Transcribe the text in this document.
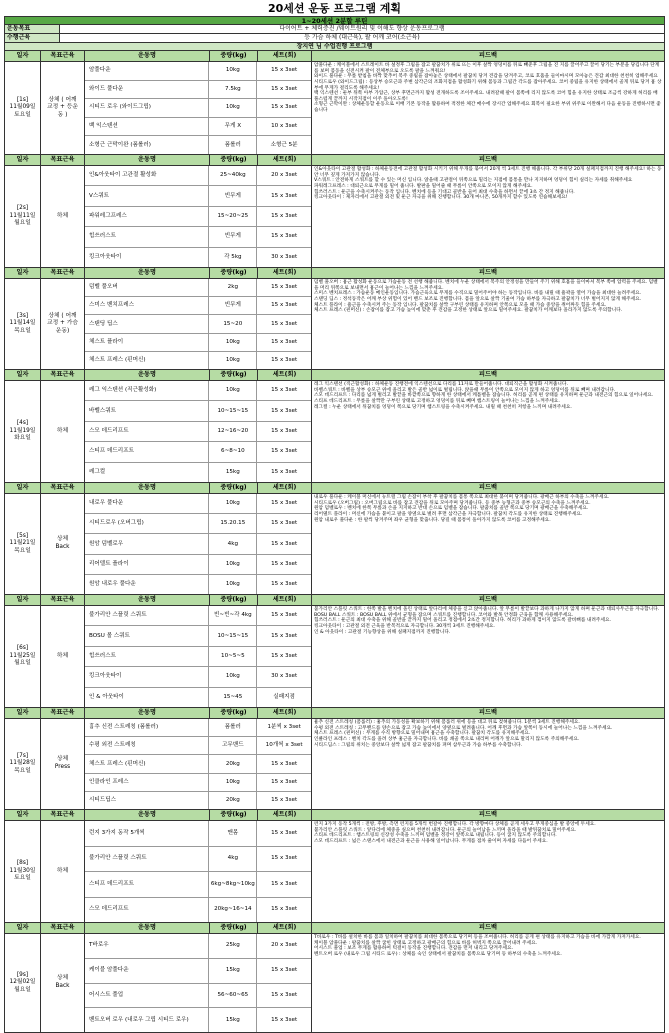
20세션 운동 프로그램 계획
1~20세션 2분할 루틴
운동목표	다이어트 + 체력증진 /웨이트원리 및 이해도 향상 운동프로그램
수행근육	등 가슴 하체 (대근육), 팔 어깨 코어(소근육)
장지연 님 수업진행 프로그램
일자	목표근육	운동명	중량(kg)	세트(회)	피드백
[1s]
11월09일
토요일
상체 ( 어깨
교정 + 등운
동 )
암풀다운	10kg	15 x 3set
와이드 풀다운	7.5kg	15 x 3set
시티드 로우 (와이드그립)	10kg	15 x 3set
백 익스텐션	무게 X	10 x 3set
소형근 근막이완 (폼롤러)	폼롤러	소형근 5분
암풀다운 : 케이블에서 스트레이트 바 설정후 그립을 잡고 팔꿈치가 위로 뜨는 이후 살짝 엉덩이를 뒤로 빼준후 그립을 진 지를 끌어주고 끌어 당기는 부분을 당깁니다 단계를 보며 몸동을 신전시켜 팔이 전체부으로 오도록 팔을 느껴줘요!
와이드 풀다운 : 무릎 받침을 바짝 맞추어 복주 중립을 잡아놓은 상태에서 팔꿈치 당겨 견갑을 당겨주고, 코로 호흡을 들이마시며 모아놓은 견갑 최대한 천천히 업해주세요
시티드로우 (와이드그립) : 등상부 승모근과 주변 삼각근의 조화지점을 활성화기 위해 몸동과 그립간 각도를 잡아주세요. 코어 중립을 유지한 상태에서 골게 뒤로 당겨 흉 상부에 무게가 걸리도록 해주세요!
백 익스텐션 : 둔부 뒤쪽 아부 가압근, 상부 후면근까지 활성 전개하도록 조이주세요. 내려갈때 팔이 몸쪽에 리지 않도록 코어 힘을 유지한 상태로 조금씩 강하게 허리를 배풀스럽게 끝까지 시작지점이 이주 돌아오도록!
소형근 근막이완 : 상체운동할 운동으로 이배 기본 동작을 활용하여 적정한 체간 매수에 장시간 업해주세요 회복이 필요한 부위 위주로 이완해서 다음 운동을 진행하시면 좋습니다
일자	목표근육	운동명	중량(kg)	세트(회)	피드백
[2s]
11월11일
월요일
하체
인&아웃타이 고관절 활성화	25~40kg	20 x 3set
V스쿼트	빈무게	15 x 3set
파워레그프레스	15~20~25	15 x 3set
힙쓰러스트	빈무게	15 x 3set
킹크아웃타이	각 5kg	30 x 3set
인&아웃타이 고관절 활성화 : 하체운동전에 고관절 활성화 시키기 위해 두개를 묶어서 20개 씩 3세트 진행 해줍니다. 각 부위당 20개 실패지점까지 진행 해주세요! 하는 동안 너무 깊게 가져가지 않습니다.
V스쿼트 : 안전하게 스쿼트를 할 수 있는 머신 입니다. 앉을때 고관절이 뒤쪽으로 밀리는 지점에 몸통을 만나 지지하며 엉덩이 힘이 실리는 자세를 취해주세요
파워레그프레스 : 대퇴근으로 무게를 밀어 줍니다. 발판을 밀어줄 때 무릎이 안쪽으로 모이지 않게 해주세요.
힙쓰러스트 : 둔근을 수축시켜주는 동작 입니다. 벤치에 등을 기대고 골반을 들어 최대 수축을 하면서 끝에 3초 간 정지 해줍니다.
킹크아웃타이 : 제자리에서 고관절 외전 및 둔근 자극을 위해 진행합니다. 30개 마니콘, 50개까지 할수 있도록 연습해보세요!
일자	목표근육	운동명	중량(kg)	세트(회)	피드백
[3s]
11월14일
목요일
상체 ( 어깨
교정 + 가슴
운동)
덤벨 풀오버	2kg	15 x 3set
스미스 벤치프레스	빈무게	15 x 3set
스탠딩 딥스	15~20	15 x 3set
체스트 플라이	10kg	15 x 3set
체스트 프레스 (핀머신)	10kg	15 x 3set
덤벨 풀오버 : 흉근 활성화 운동으로 가슴운동 전 선행 해줍니다. 벤치에 누운 상태에서 복주의 안정성을 만들어 주기 위해 호흡을 들이마셔 복부 쪽에 압력을 주세요. 덤벨을 머리 뒤쪽으로 보내면서 흉근이 늘어나는 느낌을 느껴주세요.
스미스 벤치프레스 : 가슴운동 메인운동입니다. 가슴근육으로 무게를 수직으로 밀어주어야 하는 동작입니다. 바를 내릴 때 흉곽을 열어 가슴을 최대한 늘려주세요.
스탠딩 딥스 : 정석동작은 어깨 부상 위험이 있어 밴드 보조로 진행합니다. 몸을 앞으로 살짝 기울여 가슴 하부를 자극하고 팔꿈치가 너무 벌어지지 않게 해주세요.
체스트 플라이 : 흉근을 수축시켜 주는 동작 입니다. 팔꿈치를 살짝 구부린 상태를 유지하며 안쪽으로 모을 때 가슴 중앙을 쥐어짜듯 힘을 주세요.
체스트 프레스 (핀머신) : 손잡이를 잡고 가슴 높이에 맞춘 후 견갑을 고정한 상태로 앞으로 밀어주세요. 팔꿈치가 어깨보다 올라가지 않도록 주의합니다.
일자	목표근육	운동명	중량(kg)	세트(회)	피드백
[4s]
11월19일
화요일
하체
레그 익스텐션 (직근활성화)	10kg	15 x 3set
바벨스쿼트	10~15~15	15 x 3set
스모 데드리프트	12~16~20	15 x 3set
스티프 데드리프트	6~8~10	15 x 3set
레그컬	15kg	15 x 3set
레그 익스텐션 (직근활성화) : 하체운동 진행전에 익스텐션으로 다리를 11자로 만들어줍니다. 대퇴직근을 활성화 시켜줍니다.
바벨스쿼트 : 바벨을 상부 승모근 위에 올리고 발은 골반 넓이로 벌립니다. 앉을때 무릎이 안쪽으로 모이지 않게 하고 엉덩이를 뒤로 빼며 내려갑니다.
스모 데드리프트 : 다리를 넓게 벌리고 발끝을 바깥쪽으로 향하게 한 상태에서 케틀벨을 잡습니다. 허리를 곧게 편 상태를 유지하며 둔근과 내전근의 힘으로 일어나세요.
스티프 데드리프트 : 무릎을 살짝만 구부린 상태로 고정하고 엉덩이를 뒤로 빼며 햄스트링이 늘어나는 느낌을 느껴주세요.
레그컬 : 누운 상태에서 뒤꿈치를 엉덩이 쪽으로 당기며 햄스트링을 수축시켜주세요. 내릴 때 천천히 저항을 느끼며 내려주세요.
일자	목표근육	운동명	중량(kg)	세트(회)	피드백
[5s]
11월21일
목요일
상체
Back
내로우 풀다운	10kg	15 x 3set
시티드로우 (오버그립)	15.20.15	15 x 3set
원암 덤벨로우	4kg	15 x 3set
리어델트 플라이	10kg	15 x 3set
원암 내로우 풀다운	10kg	15 x 3set
내로우 풀다운 : 케이블 머신에서 뉴트럴 그립 손잡이 부착 후 팔꿈치를 몸통 쪽으로 최대한 붙이며 당겨줍니다. 광배근 하부의 수축을 느껴주세요.
시티드로우 (오버그립) : 오버그립으로 바를 잡고 견갑을 뒤로 모아주며 당겨줍니다. 등 중부 능형근과 중부 승모근의 수축을 느껴주세요.
원암 덤벨로우 : 벤치에 한쪽 무릎과 손을 지지하고 반대 손으로 덤벨을 잡습니다. 팔꿈치를 골반 쪽으로 당기며 광배근을 수축해주세요.
리어델트 플라이 : 머신에 가슴을 붙이고 팔을 양옆으로 벌려 후면 삼각근을 자극합니다. 팔꿈치 각도를 유지한 상태로 진행해주세요.
원암 내로우 풀다운 : 한 팔씩 당겨주며 좌우 균형을 맞춥니다. 당길 때 몸통이 돌아가지 않도록 코어를 고정해주세요.
일자	목표근육	운동명	중량(kg)	세트(회)	피드백
[6s]
11월25일
월요일
하체
불가리안 스플릿 스쿼트	빈~빈~각 4kg	15 x 3set
BOSU 볼 스쿼트	10~15~15	15 x 3set
힙쓰러스트	10~5~5	15 x 3set
킹크아웃타이	10kg	30 x 3set
인 & 아웃타이	15~45	실패지점
불가리안 스플릿 스쿼트 : 한쪽 발을 벤치에 올린 상태로 앞다리에 체중을 싣고 앉아줍니다. 앞 무릎이 발끝보다 과하게 나가지 않게 하며 둔근과 대퇴사두근을 자극합니다.
BOSU BALL 스쿼트 : BOSU BALL 위에서 균형을 잡으며 스쿼트를 진행합니다. 코어와 발목 안정화 근육을 함께 사용해주세요.
힙쓰러스트 : 둔근의 최대 수축을 위해 골반을 끝까지 밀어 올리고 정점에서 2초간 정지합니다. 허리가 과하게 꺾이지 않도록 갈비뼈를 내려주세요.
킹크아웃타이 : 고관절 외전 근육을 반복적으로 자극합니다. 30개씩 3세트 진행해주세요.
인 & 아웃타이 : 고관절 기능향상을 위해 실패지점까지 진행합니다.
일자	목표근육	운동명	중량(kg)	세트(회)	피드백
[7s]
11월28일
목요일
상체
Press
흉추 신전 스트레칭 (폼롤러)	폼롤러	1분씩 x 3set
수평 외전 스트레칭	고무밴드	10개씩 x 3set
체스트 프레스 (핀머신)	20kg	15 x 3set
인클라인 프레스	10kg	15 x 3set
시티드딥스	20kg	15 x 3set
흉추 신전 스트레칭 (폼롤러) : 흉추의 가동성을 확보하기 위해 폼롤러 위에 등을 대고 뒤로 젖혀줍니다. 1분씩 3세트 진행해주세요.
수평 외전 스트레칭 : 고무밴드를 양손으로 잡고 가슴 높이에서 양옆으로 벌려줍니다. 어깨 후면과 가슴 앞쪽이 동시에 늘어나는 느낌을 느껴주세요.
체스트 프레스 (핀머신) : 무게를 수직 방향으로 밀어내며 흉근을 수축합니다. 팔꿈치 각도를 유지해주세요.
인클라인 프레스 : 벤치 각도를 올려 상부 흉근을 자극합니다. 바를 쇄골 쪽으로 내리며 어깨가 앞으로 말리지 않도록 주의해주세요.
시티드딥스 : 그립의 위치는 중앙보다 살짝 넓게 잡고 팔꿈치를 펴며 삼두근과 가슴 하부를 수축합니다.
일자	목표근육	운동명	중량(kg)	세트(회)	피드백
[8s]
11월30일
토요일
하체
런지 3가지 동작 5개씩	맨몸	15 x 3set
불가리안 스플릿 스쿼트	4kg	15 x 3set
스티프 데드리프트	6kg~8kg~10kg	15 x 3set
스모 데드리프트	20kg~16~14	15 x 3set
런지 3가지 동작 5개씩 : 전방, 후방, 측면 런지를 5개씩 번갈아 진행합니다. 각 방향마다 상체를 곧게 세우고 무게중심을 발 중앙에 두세요.
불가리안 스플릿 스쿼트 : 앞다리에 체중을 실으며 천천히 내려갑니다. 둔근의 늘어남을 느끼며 올라올 때 발뒤꿈치로 밀어주세요.
스티프 데드리프트 : 햄스트링의 신장성 수축을 느끼며 덤벨을 정강이 앞쪽으로 내립니다. 등이 굽지 않도록 주의합니다.
스모 데드리프트 : 넓은 스탠스에서 내전근과 둔근을 사용해 일어납니다. 무게를 점차 줄이며 자세를 다듬어 주세요.
일자	목표근육	운동명	중량(kg)	세트(회)	피드백
[9s]
12월02일
월요일
상체
Back
T바로우	25kg	20 x 3set
케이블 암풀다운	15kg	15 x 3set
어시스트 풀업	56~60~65	15 x 3set
벤트오버 로우 (내로우 그립 시티드 로우)	15kg	15 x 3set
T바로우 : T바를 설치한 바를 몸과 일치하여 팔꿈치를 최대한 몸쪽으로 당기며 등을 조여줍니다. 허리를 곧게 편 상태를 유지하고 가슴을 바에 가깝게 가져가세요.
케이블 암풀다운 : 팔꿈치를 살짝 굽힌 상태로 고정하고 광배근의 힘으로 바를 허벅지 쪽으로 끌어내려 주세요.
어시스트 풀업 : 보조 무게를 활용하여 턱걸이 동작을 진행합니다. 견갑을 먼저 내리고 당겨주세요.
벤트오버 로우 (내로우 그립 시티드 로우) : 상체를 숙인 상태에서 팔꿈치를 몸쪽으로 당기며 등 하부의 수축을 느껴주세요.
